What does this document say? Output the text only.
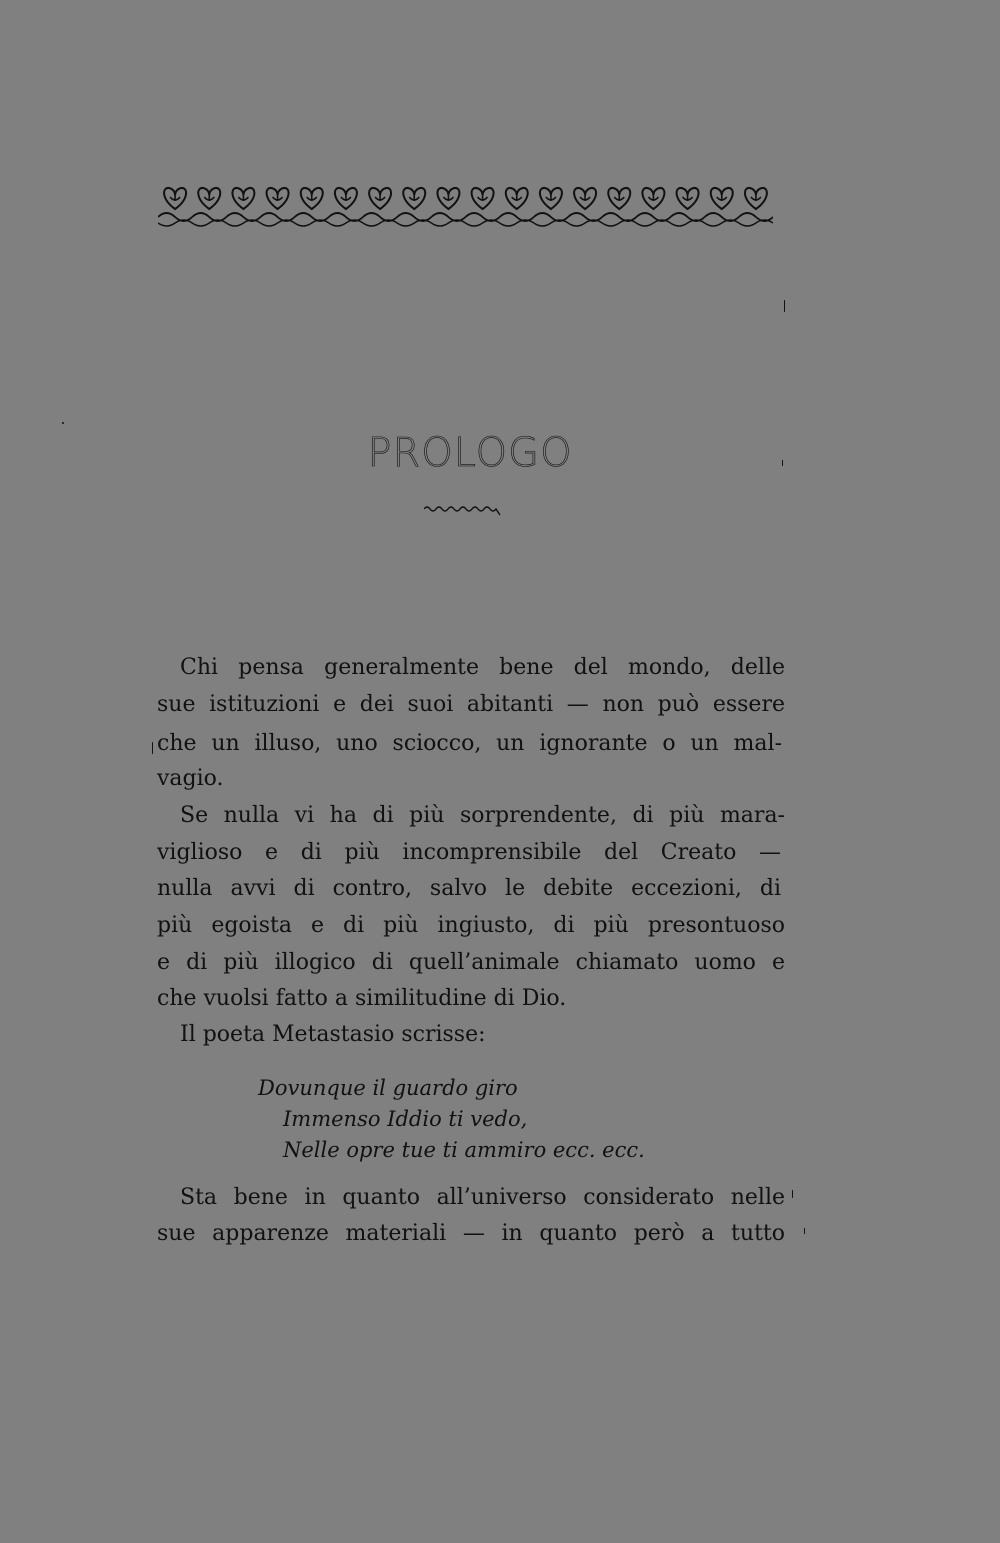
PROLOGO
Chi pensa generalmente bene del mondo, delle
sue istituzioni e dei suoi abitanti — non può essere
che un illuso, uno sciocco, un ignorante o un mal-
vagio.
Se nulla vi ha di più sorprendente, di più mara-
viglioso e di più incomprensibile del Creato —
nulla avvi di contro, salvo le debite eccezioni, di
più egoista e di più ingiusto, di più presontuoso
e di più illogico di quell’animale chiamato uomo e
che vuolsi fatto a similitudine di Dio.
Il poeta Metastasio scrisse:
Dovunque il guardo giro
Immenso Iddio ti vedo,
Nelle opre tue ti ammiro ecc. ecc.
Sta bene in quanto all’universo considerato nelle
sue apparenze materiali — in quanto però a tutto
